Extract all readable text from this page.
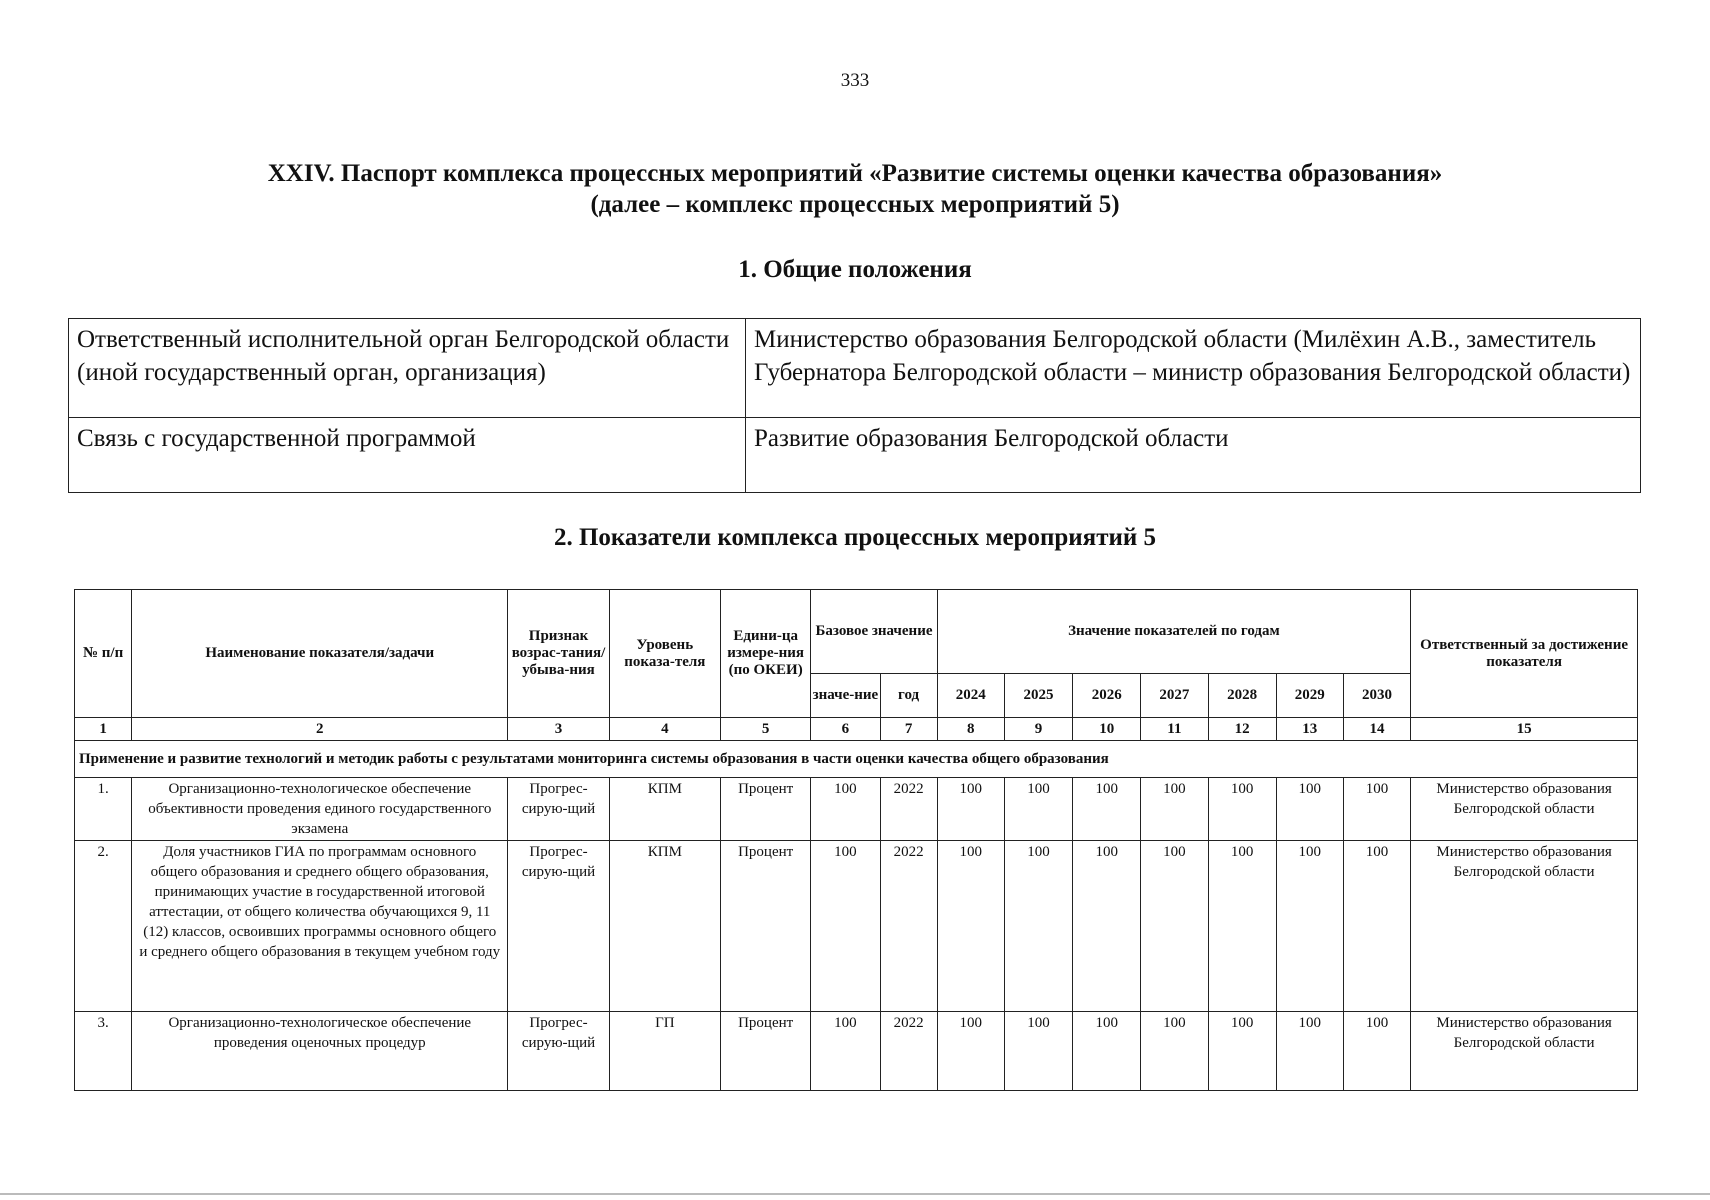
333
XXIV. Паспорт комплекса процессных мероприятий «Развитие системы оценки качества образования»
(далее – комплекс процессных мероприятий 5)
1. Общие положения
Ответственный исполнительной орган Белгородской области (иной государственный орган, организация)	Министерство образования Белгородской области (Милёхин А.В., заместитель Губернатора Белгородской области – министр образования Белгородской области)
Связь с государственной программой	Развитие образования Белгородской области
2. Показатели комплекса процессных мероприятий 5
№ п/п	Наименование показателя/задачи	Признак возрас-тания/ убыва-ния	Уровень показа-теля	Едини-ца измере-ния (по ОКЕИ)	Базовое значение		Значение показателей по годам							Ответственный за достижение показателя
					значе-ние	год	2024	2025	2026	2027	2028	2029	2030	
1	2	3	4	5	6	7	8	9	10	11	12	13	14	15
Применение и развитие технологий и методик работы с результатами мониторинга системы образования в части оценки качества общего образования														
1.	Организационно-технологическое обеспечение объективности проведения единого государственного экзамена	Прогрес-сирую-щий	КПМ	Процент	100	2022	100	100	100	100	100	100	100	Министерство образования Белгородской области
2.	Доля участников ГИА по программам основного общего образования и среднего общего образования, принимающих участие в государственной итоговой аттестации, от общего количества обучающихся 9, 11 (12) классов, освоивших программы основного общего и среднего общего образования в текущем учебном году	Прогрес-сирую-щий	КПМ	Процент	100	2022	100	100	100	100	100	100	100	Министерство образования Белгородской области
3.	Организационно-технологическое обеспечение проведения оценочных процедур	Прогрес-сирую-щий	ГП	Процент	100	2022	100	100	100	100	100	100	100	Министерство образования Белгородской области
